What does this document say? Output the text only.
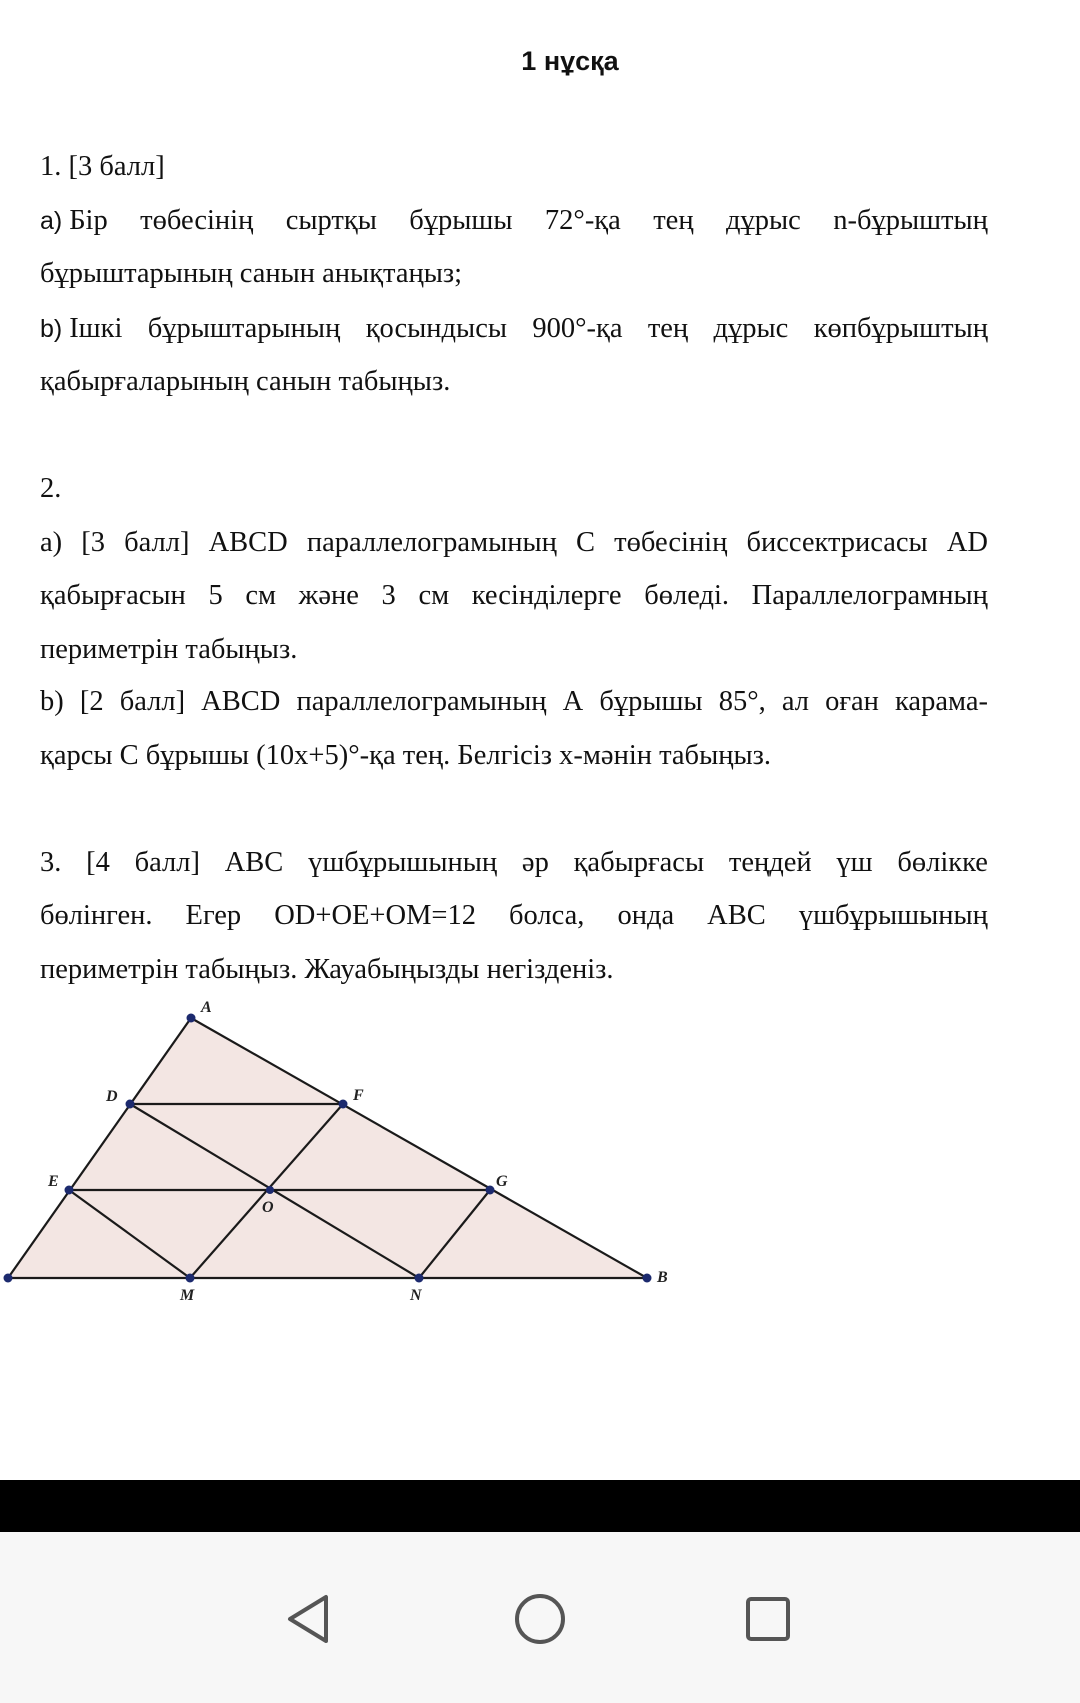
1 нұсқа
1. [3 балл]
a) Бір төбесінің сыртқы бұрышы 72°-қа тең дұрыс n-бұрыштың
бұрыштарының санын анықтаңыз;
b) Ішкі бұрыштарының қосындысы 900°-қа тең дұрыс көпбұрыштың
қабырғаларының санын табыңыз.
2.
a) [3 балл] ABCD параллелограмының С төбесінің биссектрисасы AD
қабырғасын 5 см және 3 см кесінділерге бөледі. Параллелограмның
периметрін табыңыз.
b) [2 балл] ABCD параллелограмының А бұрышы 85°, ал оған карама-
қарсы С бұрышы (10х+5)°-қа тең. Белгісіз х-мәнін табыңыз.
3. [4 балл] ABC үшбұрышының әр қабырғасы теңдей үш бөлікке
бөлінген. Егер OD+OE+OM=12 болса, онда ABC үшбұрышының
периметрін табыңыз. Жауабыңызды негізденіз.
A
D	F
E	G
O
M	N
B
